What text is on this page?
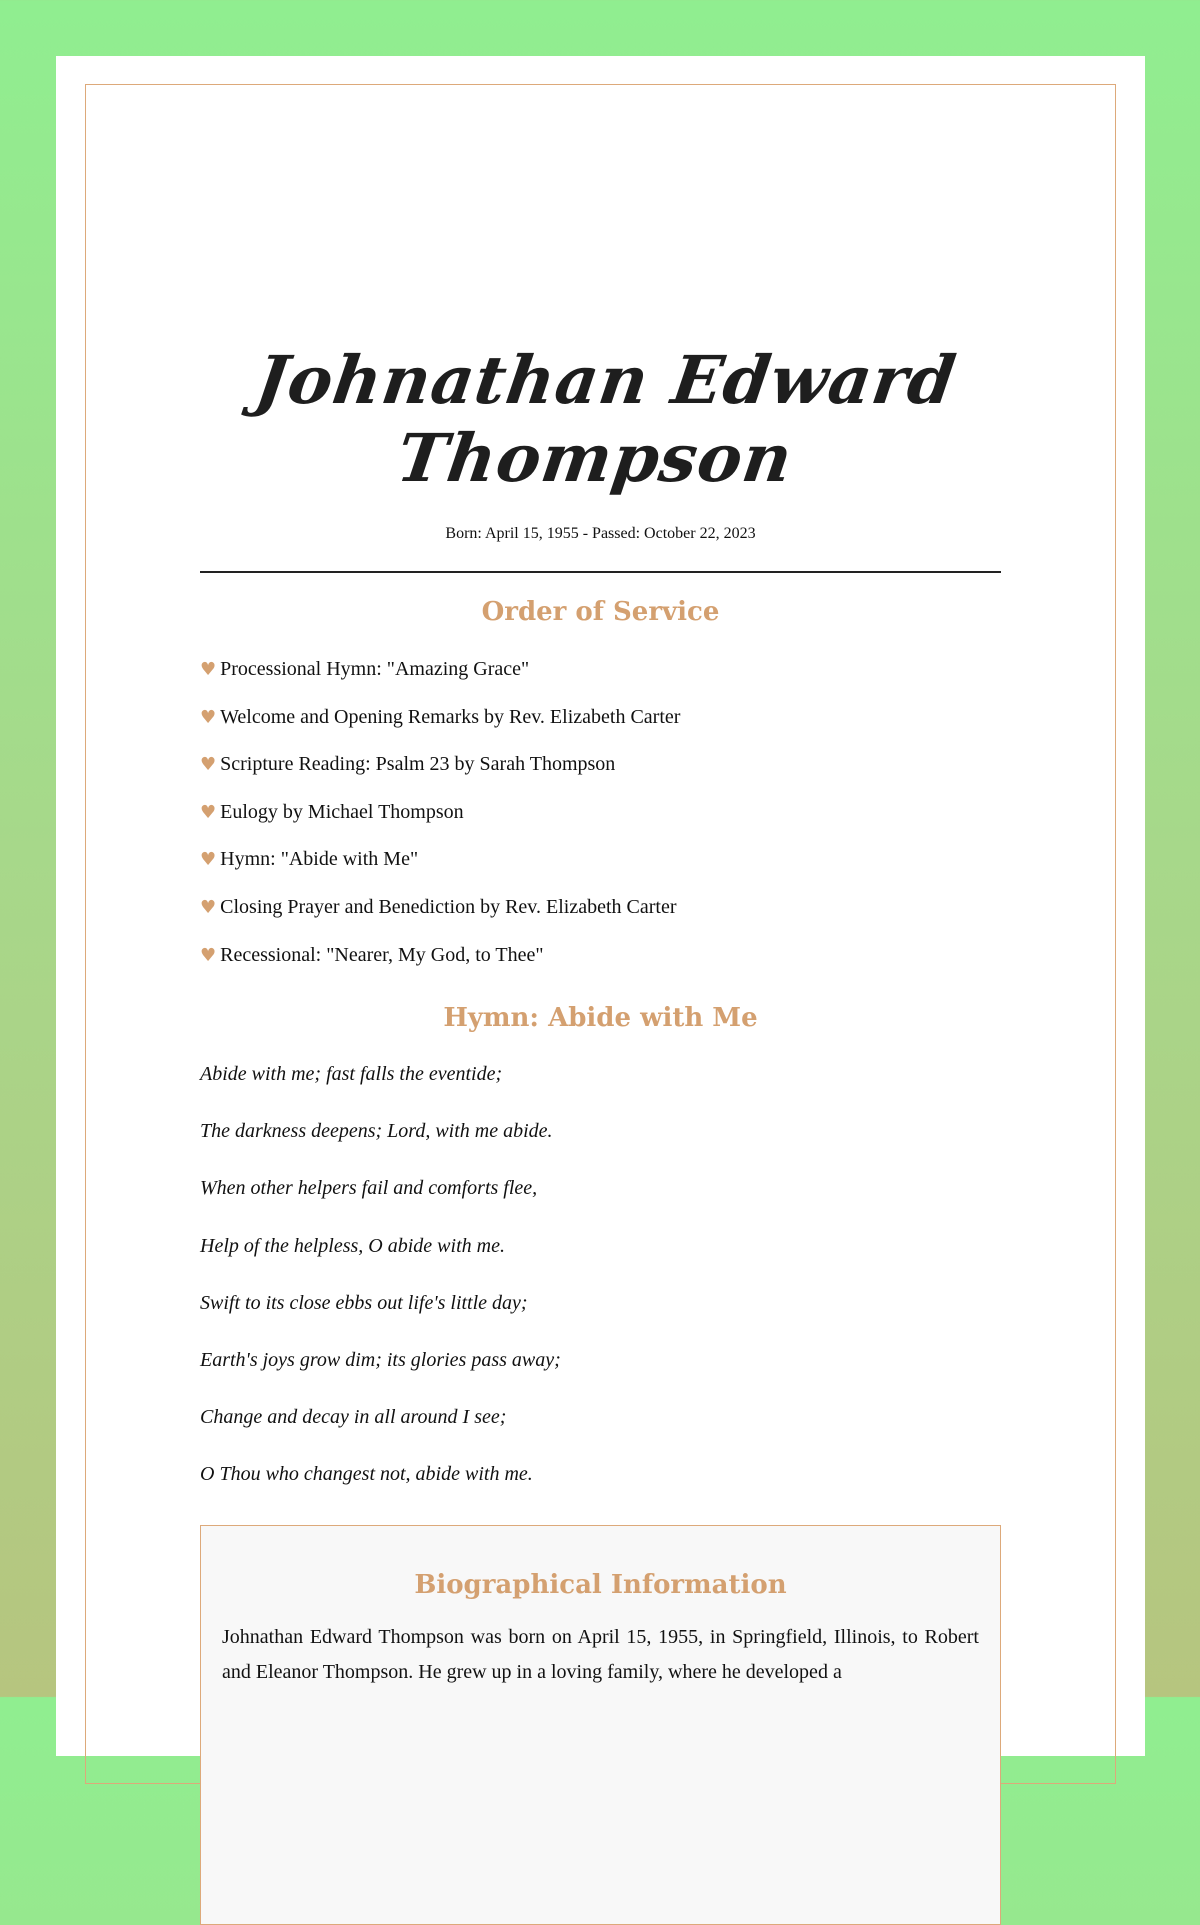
Johnathan Edward Thompson
Born: April 15, 1955 - Passed: October 22, 2023
Order of Service
♥ Processional Hymn: "Amazing Grace"
♥ Welcome and Opening Remarks by Rev. Elizabeth Carter
♥ Scripture Reading: Psalm 23 by Sarah Thompson
♥ Eulogy by Michael Thompson
♥ Hymn: "Abide with Me"
♥ Closing Prayer and Benediction by Rev. Elizabeth Carter
♥ Recessional: "Nearer, My God, to Thee"
Hymn: Abide with Me

Abide with me; fast falls the eventide;

The darkness deepens; Lord, with me abide.

When other helpers fail and comforts flee,

Help of the helpless, O abide with me.

Swift to its close ebbs out life's little day;

Earth's joys grow dim; its glories pass away;

Change and decay in all around I see;

O Thou who changest not, abide with me.

Biographical Information

Johnathan Edward Thompson was born on April 15, 1955, in Springfield, Illinois, to Robert and Eleanor Thompson. He grew up in a loving family, where he developed a
